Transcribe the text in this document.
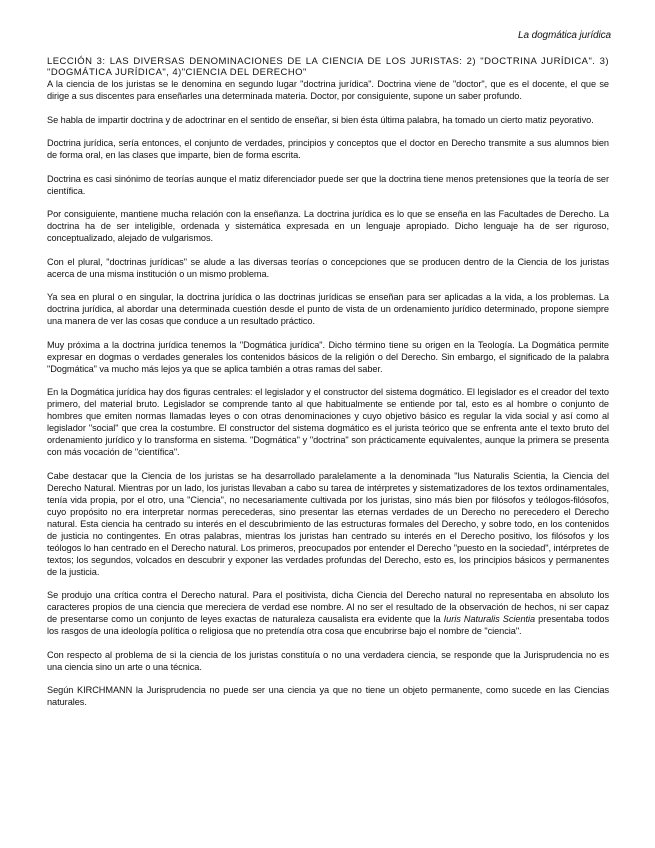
La dogmática jurídica

LECCIÓN 3: LAS DIVERSAS DENOMINACIONES DE LA CIENCIA DE LOS JURISTAS: 2) "DOCTRINA JURÍDICA". 3) "DOGMÁTICA JURÍDICA", 4)"CIENCIA DEL DERECHO"

A la ciencia de los juristas se le denomina en segundo lugar "doctrina jurídica". Doctrina viene de "doctor", que es el docente, el que se dirige a sus discentes para enseñarles una determinada materia. Doctor, por consiguiente, supone un saber profundo.

Se habla de impartir doctrina y de adoctrinar en el sentido de enseñar, si bien ésta última palabra, ha tomado un cierto matiz peyorativo.

Doctrina jurídica, sería entonces, el conjunto de verdades, principios y conceptos que el doctor en Derecho transmite a sus alumnos bien de forma oral, en las clases que imparte, bien de forma escrita.

Doctrina es casi sinónimo de teorías aunque el matiz diferenciador puede ser que la doctrina tiene menos pretensiones que la teoría de ser científica.

Por consiguiente, mantiene mucha relación con la enseñanza. La doctrina jurídica es lo que se enseña en las Facultades de Derecho. La doctrina ha de ser inteligible, ordenada y sistemática expresada en un lenguaje apropiado. Dicho lenguaje ha de ser riguroso, conceptualizado, alejado de vulgarismos.

Con el plural, "doctrinas jurídicas" se alude a las diversas teorías o concepciones que se producen dentro de la Ciencia de los juristas acerca de una misma institución o un mismo problema.

Ya sea en plural o en singular, la doctrina jurídica o las doctrinas jurídicas se enseñan para ser aplicadas a la vida, a los problemas. La doctrina jurídica, al abordar una determinada cuestión desde el punto de vista de un ordenamiento jurídico determinado, propone siempre una manera de ver las cosas que conduce a un resultado práctico.

Muy próxima a la doctrina jurídica tenemos la "Dogmática jurídica". Dicho término tiene su origen en la Teología. La Dogmática permite expresar en dogmas o verdades generales los contenidos básicos de la religión o del Derecho. Sin embargo, el significado de la palabra "Dogmática" va mucho más lejos ya que se aplica también a otras ramas del saber.

En la Dogmática jurídica hay dos figuras centrales: el legislador y el constructor del sistema dogmático. El legislador es el creador del texto primero, del material bruto. Legislador se comprende tanto al que habitualmente se entiende por tal, esto es al hombre o conjunto de hombres que emiten normas llamadas leyes o con otras denominaciones y cuyo objetivo básico es regular la vida social y así como al legislador "social" que crea la costumbre. El constructor del sistema dogmático es el jurista teórico que se enfrenta ante el texto bruto del ordenamiento jurídico y lo transforma en sistema. "Dogmática" y "doctrina" son prácticamente equivalentes, aunque la primera se presenta con más vocación de "científica".

Cabe destacar que la Ciencia de los juristas se ha desarrollado paralelamente a la denominada "Ius Naturalis Scientia, la Ciencia del Derecho Natural. Mientras por un lado, los juristas llevaban a cabo su tarea de intérpretes y sistematizadores de los textos ordinamentales, tenía vida propia, por el otro, una "Ciencia", no necesariamente cultivada por los juristas, sino más bien por filósofos y teólogos-filósofos, cuyo propósito no era interpretar normas perecederas, sino presentar las eternas verdades de un Derecho no perecedero el Derecho natural. Esta ciencia ha centrado su interés en el descubrimiento de las estructuras formales del Derecho, y sobre todo, en los contenidos de justicia no contingentes. En otras palabras, mientras los juristas han centrado su interés en el Derecho positivo, los filósofos y los teólogos lo han centrado en el Derecho natural. Los primeros, preocupados por entender el Derecho "puesto en la sociedad", intérpretes de textos; los segundos, volcados en descubrir y exponer las verdades profundas del Derecho, esto es, los principios básicos y permanentes de la justicia.

Se produjo una crítica contra el Derecho natural. Para el positivista, dicha Ciencia del Derecho natural no representaba en absoluto los caracteres propios de una ciencia que mereciera de verdad ese nombre. Al no ser el resultado de la observación de hechos, ni ser capaz de presentarse como un conjunto de leyes exactas de naturaleza causalista era evidente que la Iuris Naturalis Scientia presentaba todos los rasgos de una ideología política o religiosa que no pretendía otra cosa que encubrirse bajo el nombre de "ciencia".

Con respecto al problema de si la ciencia de los juristas constituía o no una verdadera ciencia, se responde que la Jurisprudencia no es una ciencia sino un arte o una técnica.

Según KIRCHMANN la Jurisprudencia no puede ser una ciencia ya que no tiene un objeto permanente, como sucede en las Ciencias naturales.
